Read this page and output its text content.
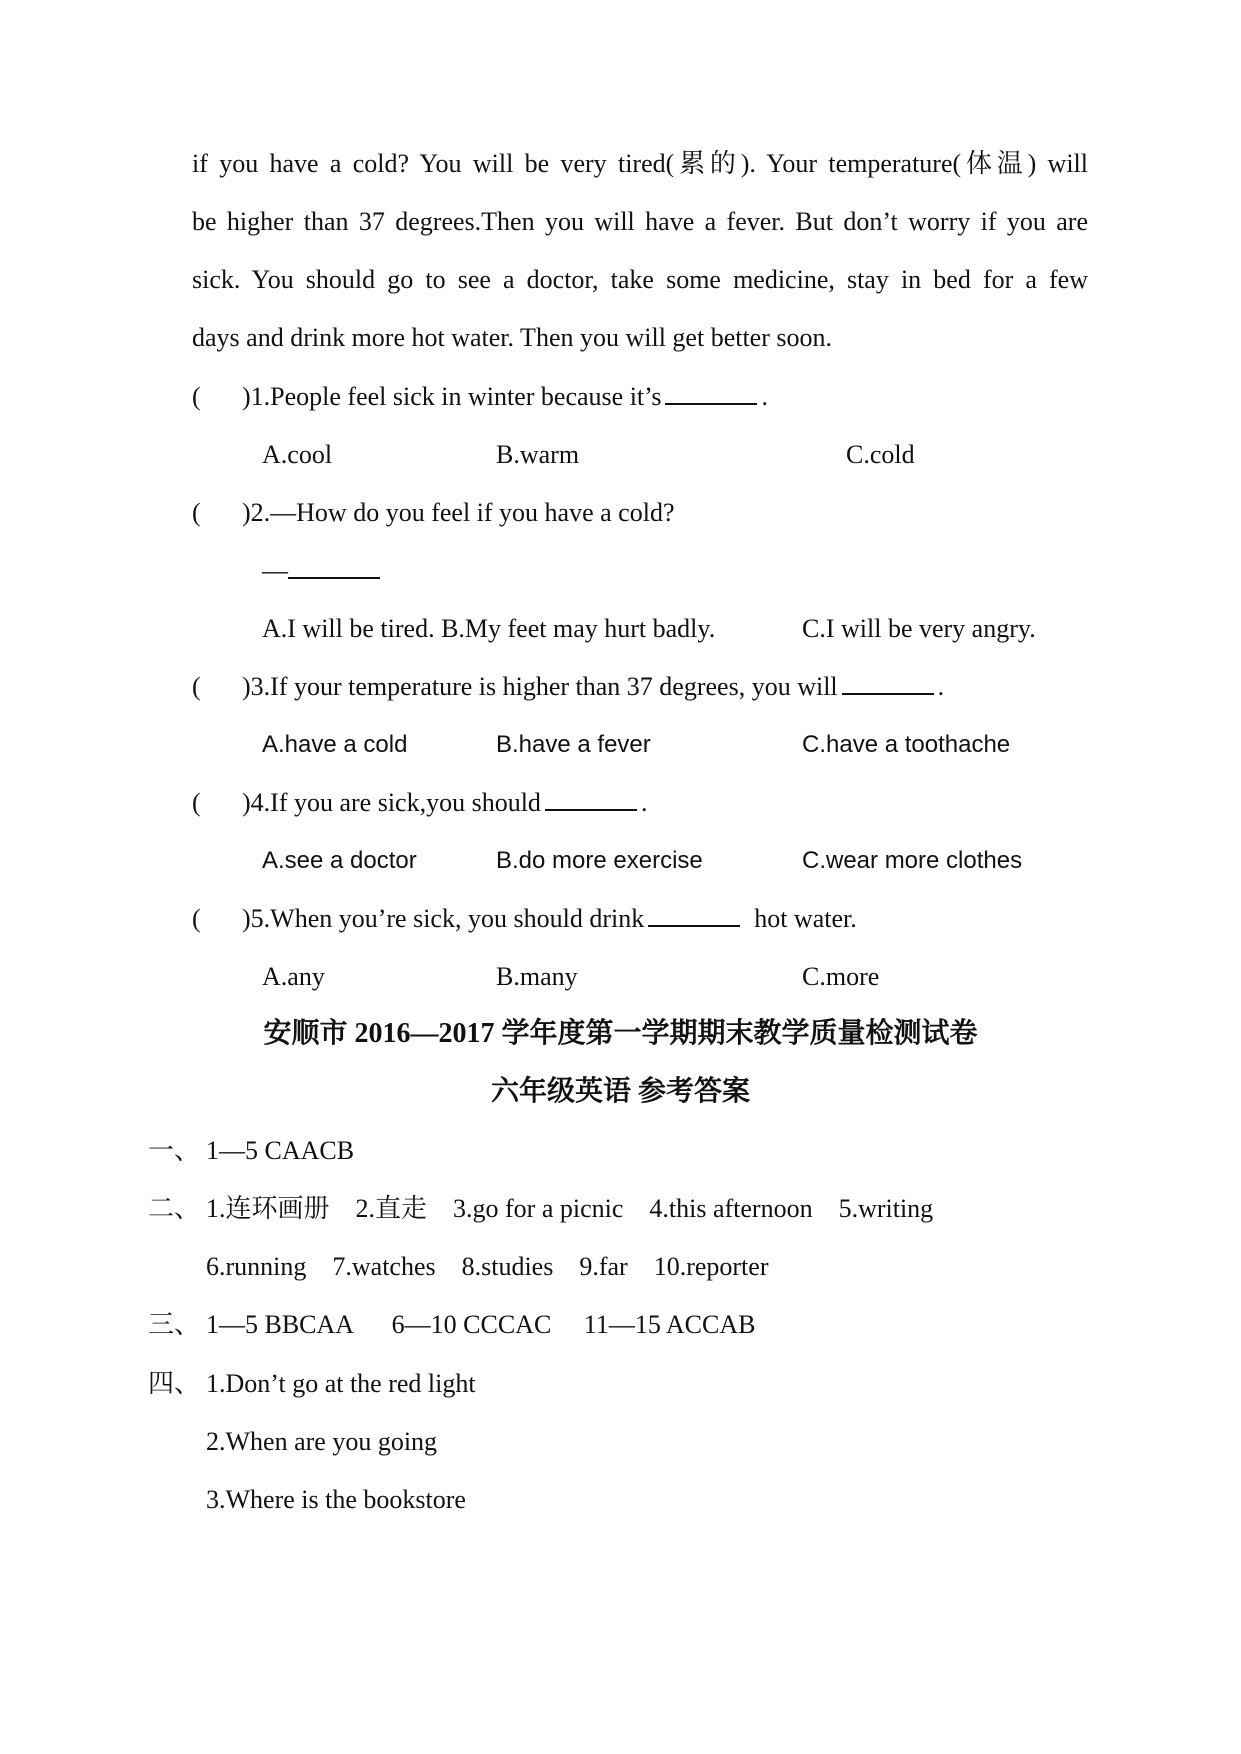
if you have a cold? You will be very tired(累的). Your temperature(体温) will
be higher than 37 degrees.Then you will have a fever. But don’t worry if you are
sick. You should go to see a doctor, take some medicine, stay in bed for a few
days and drink more hot water. Then you will get better soon.
( )1.People feel sick in winter because it’s	.
A.cool	B.warm	C.cold
( )2.—How do you feel if you have a cold?
—
A.I will be tired. B.My feet may hurt badly.	C.I will be very angry.
( )3.If your temperature is higher than 37 degrees, you will	.
A.have a cold	B.have a fever	C.have a toothache
( )4.If you are sick,you should	.
A.see a doctor	B.do more exercise	C.wear more clothes
( )5.When you’re sick, you should drink	hot water.
A.any	B.many	C.more
安顺市 2016—2017 学年度第一学期期末教学质量检测试卷
六年级英语 参考答案
一、 1—5 CAACB
二、 1.连环画册    2.直走    3.go for a picnic    4.this afternoon    5.writing
6.running    7.watches    8.studies    9.far    10.reporter
三、 1—5 BBCAA      6—10 CCCAC     11—15 ACCAB
四、 1.Don’t go at the red light
2.When are you going
3.Where is the bookstore
